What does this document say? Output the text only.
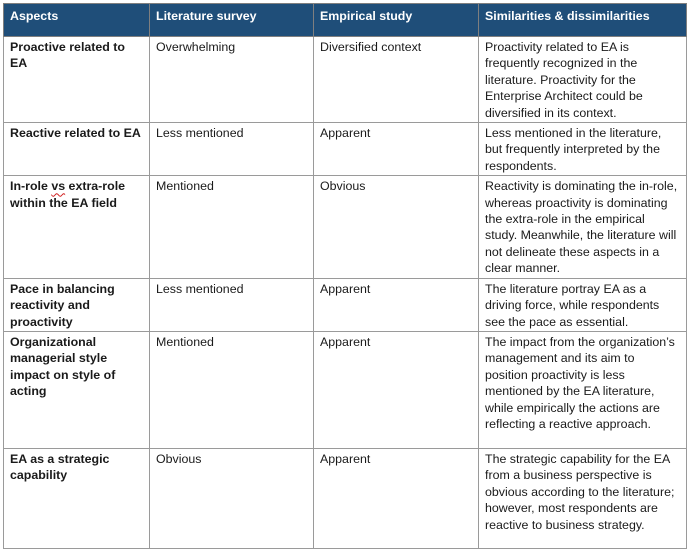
Aspects	Literature survey	Empirical study	Similarities & dissimilarities
Proactive related to EA	Overwhelming	Diversified context	Proactivity related to EA is frequently recognized in the literature. Proactivity for the Enterprise Architect could be diversified in its context.
Reactive related to EA	Less mentioned	Apparent	Less mentioned in the literature, but frequently interpreted by the respondents.
In-role vs extra-role within the EA field	Mentioned	Obvious	Reactivity is dominating the in-role, whereas proactivity is dominating the extra-role in the empirical study. Meanwhile, the literature will not delineate these aspects in a clear manner.
Pace in balancing reactivity and proactivity	Less mentioned	Apparent	The literature portray EA as a driving force, while respondents see the pace as essential.
Organizational managerial style impact on style of acting	Mentioned	Apparent	The impact from the organization’s management and its aim to position proactivity is less mentioned by the EA literature, while empirically the actions are reflecting a reactive approach.
EA as a strategic capability	Obvious	Apparent	The strategic capability for the EA from a business perspective is obvious according to the literature; however, most respondents are reactive to business strategy.
